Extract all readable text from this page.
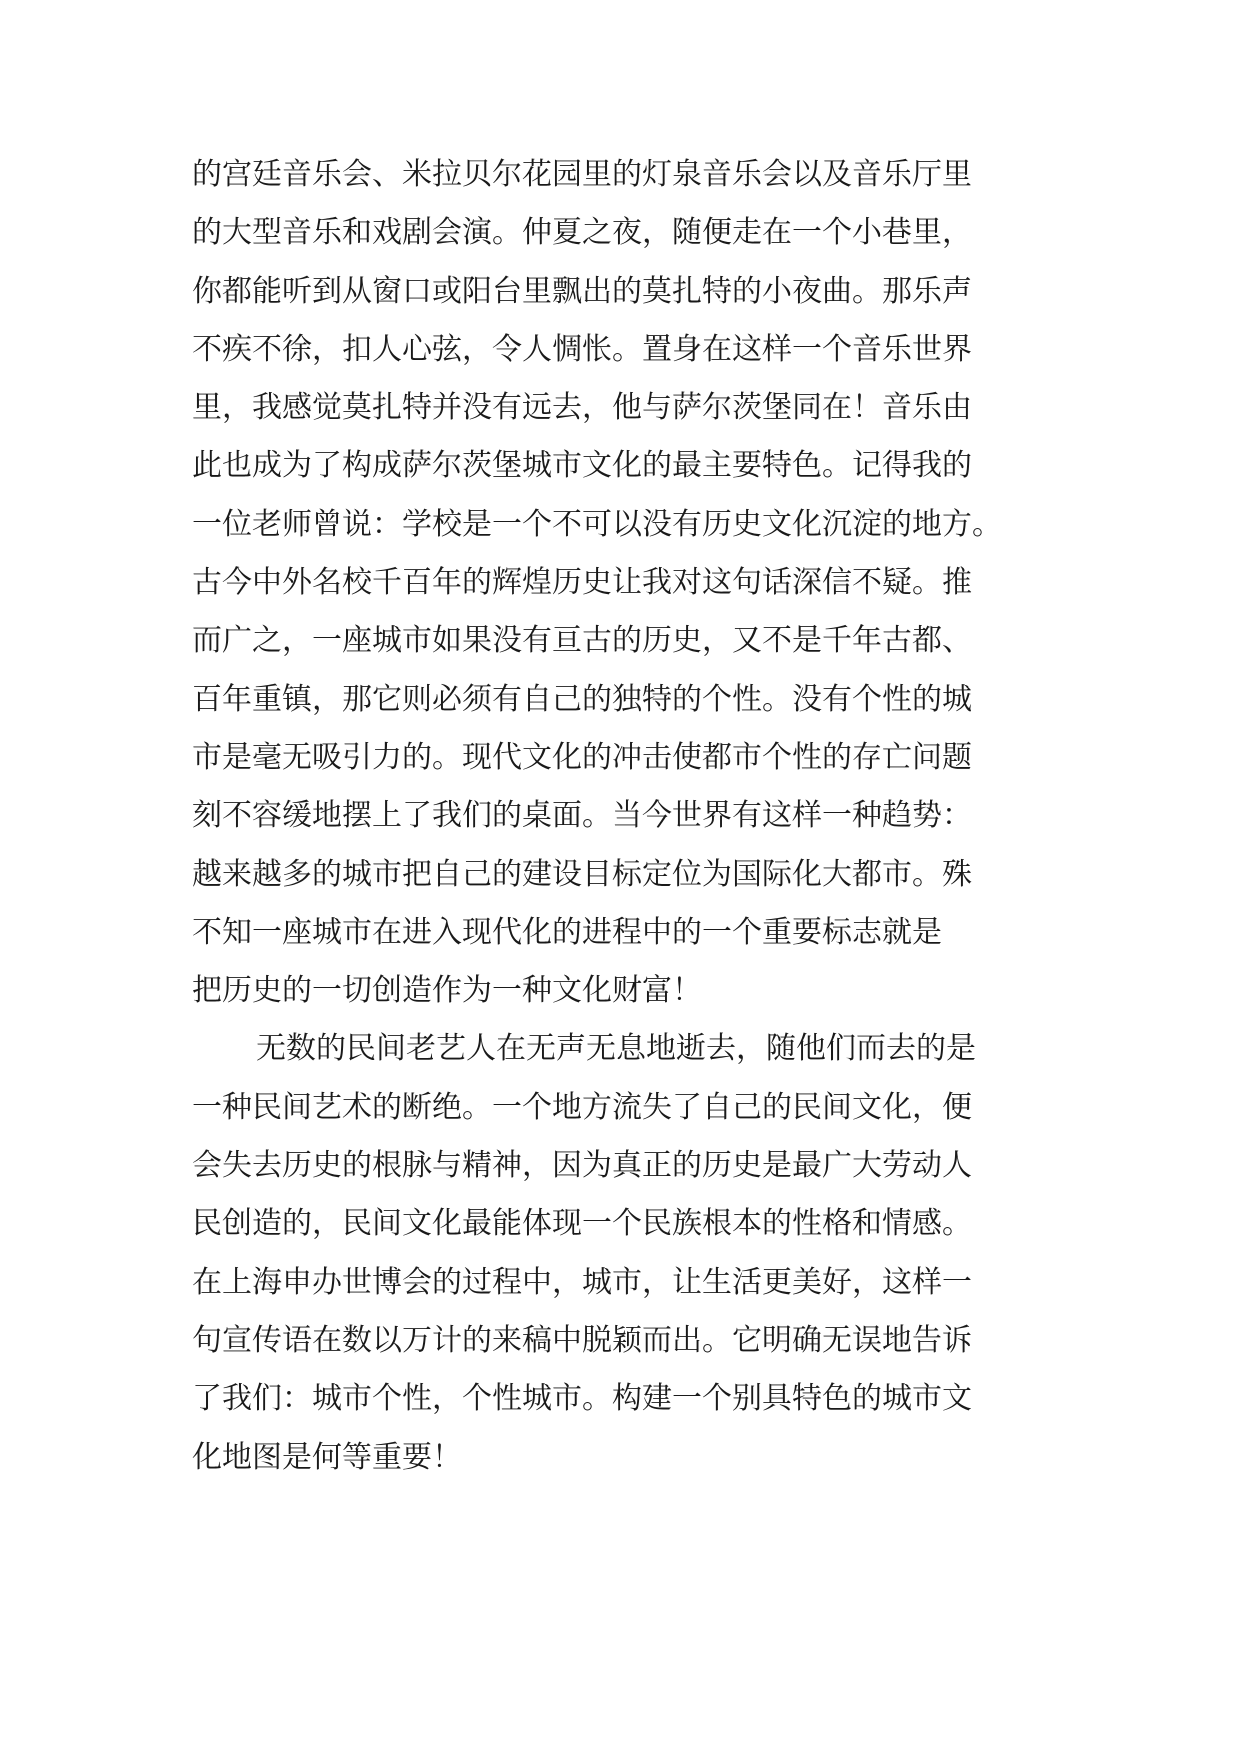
的宫廷音乐会、米拉贝尔花园里的灯泉音乐会以及音乐厅里
的大型音乐和戏剧会演。仲夏之夜，随便走在一个小巷里，
你都能听到从窗口或阳台里飘出的莫扎特的小夜曲。那乐声
不疾不徐，扣人心弦，令人惆怅。置身在这样一个音乐世界
里，我感觉莫扎特并没有远去，他与萨尔茨堡同在！音乐由
此也成为了构成萨尔茨堡城市文化的最主要特色。记得我的
一位老师曾说：学校是一个不可以没有历史文化沉淀的地方。
古今中外名校千百年的辉煌历史让我对这句话深信不疑。推
而广之，一座城市如果没有亘古的历史，又不是千年古都、
百年重镇，那它则必须有自己的独特的个性。没有个性的城
市是毫无吸引力的。现代文化的冲击使都市个性的存亡问题
刻不容缓地摆上了我们的桌面。当今世界有这样一种趋势：
越来越多的城市把自己的建设目标定位为国际化大都市。殊
不知一座城市在进入现代化的进程中的一个重要标志就是
把历史的一切创造作为一种文化财富！
无数的民间老艺人在无声无息地逝去，随他们而去的是
一种民间艺术的断绝。一个地方流失了自己的民间文化，便
会失去历史的根脉与精神，因为真正的历史是最广大劳动人
民创造的，民间文化最能体现一个民族根本的性格和情感。
在上海申办世博会的过程中，城市，让生活更美好，这样一
句宣传语在数以万计的来稿中脱颖而出。它明确无误地告诉
了我们：城市个性，个性城市。构建一个别具特色的城市文
化地图是何等重要！
